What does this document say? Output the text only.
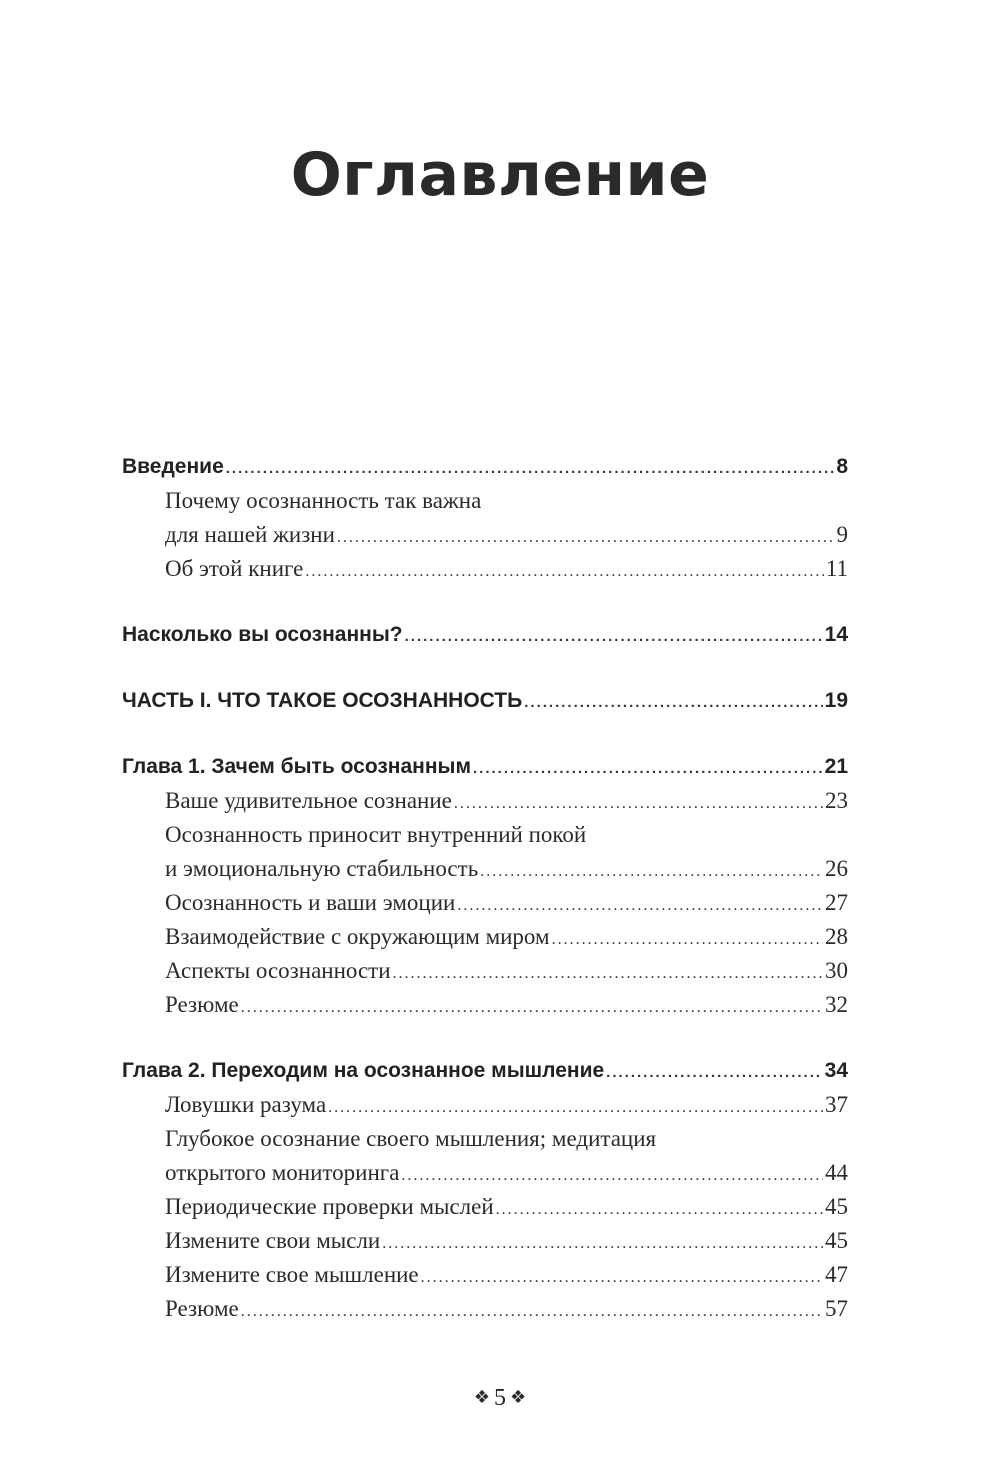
Оглавление
Введение .....	8
Почему осознанность так важна
для нашей жизни .....	9
Об этой книге .....	11
Насколько вы осознанны? .....	14
ЧАСТЬ I. ЧТО ТАКОЕ ОСОЗНАННОСТЬ .....	19
Глава 1. Зачем быть осознанным .....	21
Ваше удивительное сознание .....	23
Осознанность приносит внутренний покой
и эмоциональную стабильность .....	26
Осознанность и ваши эмоции .....	27
Взаимодействие с окружающим миром .....	28
Аспекты осознанности .....	30
Резюме .....	32
Глава 2. Переходим на осознанное мышление .....	34
Ловушки разума .....	37
Глубокое осознание своего мышления; медитация
открытого мониторинга .....	44
Периодические проверки мыслей .....	45
Измените свои мысли .....	45
Измените свое мышление .....	47
Резюме .....	57
❖ 5 ❖
